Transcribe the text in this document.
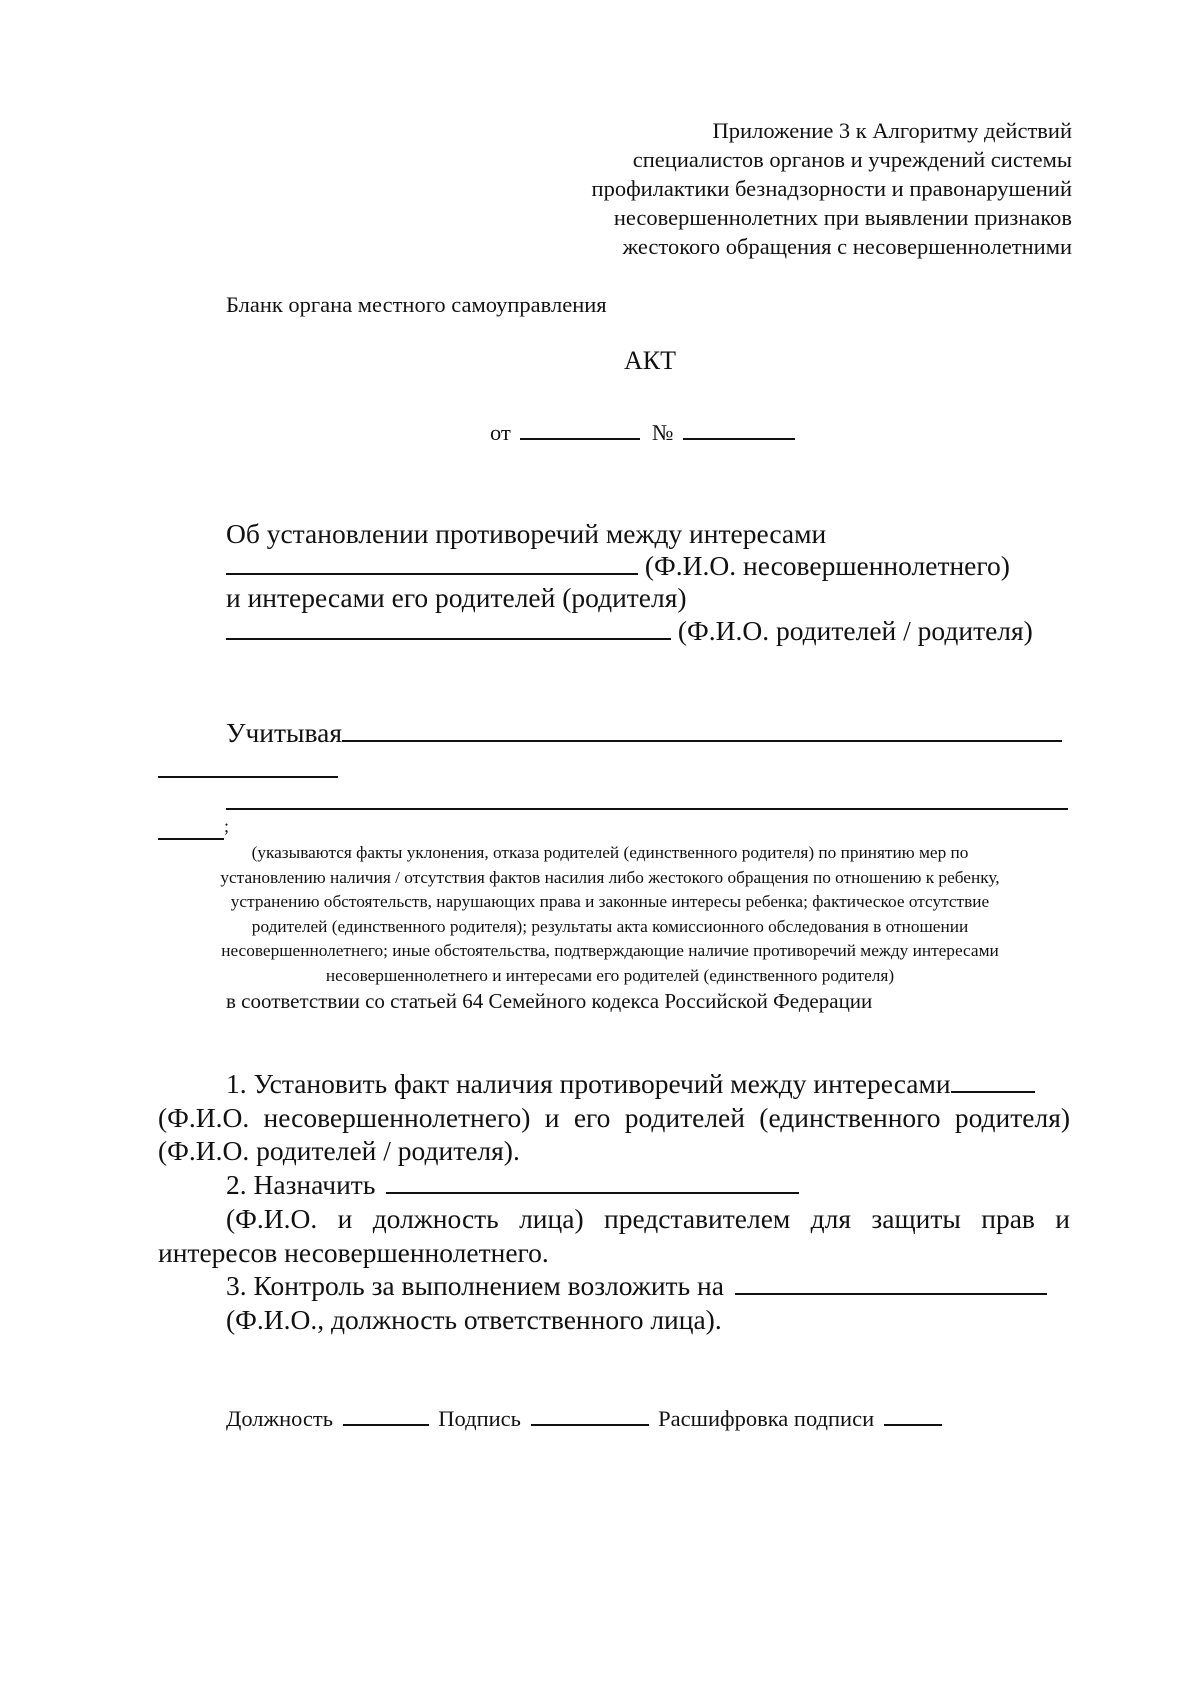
Приложение 3 к Алгоритму действий
специалистов органов и учреждений системы
профилактики безнадзорности и правонарушений
несовершеннолетних при выявлении признаков
жестокого обращения с несовершеннолетними
Бланк органа местного самоуправления
АКТ
от	№
Об установлении противоречий между интересами
(Ф.И.О. несовершеннолетнего)
и интересами его родителей (родителя)
(Ф.И.О. родителей / родителя)
Учитывая
;
(указываются факты уклонения, отказа родителей (единственного родителя) по принятию мер по
установлению наличия / отсутствия фактов насилия либо жестокого обращения по отношению к ребенку,
устранению обстоятельств, нарушающих права и законные интересы ребенка; фактическое отсутствие
родителей (единственного родителя); результаты акта комиссионного обследования в отношении
несовершеннолетнего; иные обстоятельства, подтверждающие наличие противоречий между интересами
несовершеннолетнего и интересами его родителей (единственного родителя)
в соответствии со статьей 64 Семейного кодекса Российской Федерации
1. Установить факт наличия противоречий между интересами
(Ф.И.О. несовершеннолетнего) и его родителей (единственного родителя)
(Ф.И.О. родителей / родителя).
2. Назначить
(Ф.И.О. и должность лица) представителем для защиты прав и
интересов несовершеннолетнего.
3. Контроль за выполнением возложить на
(Ф.И.О., должность ответственного лица).
Должность	Подпись	Расшифровка подписи
